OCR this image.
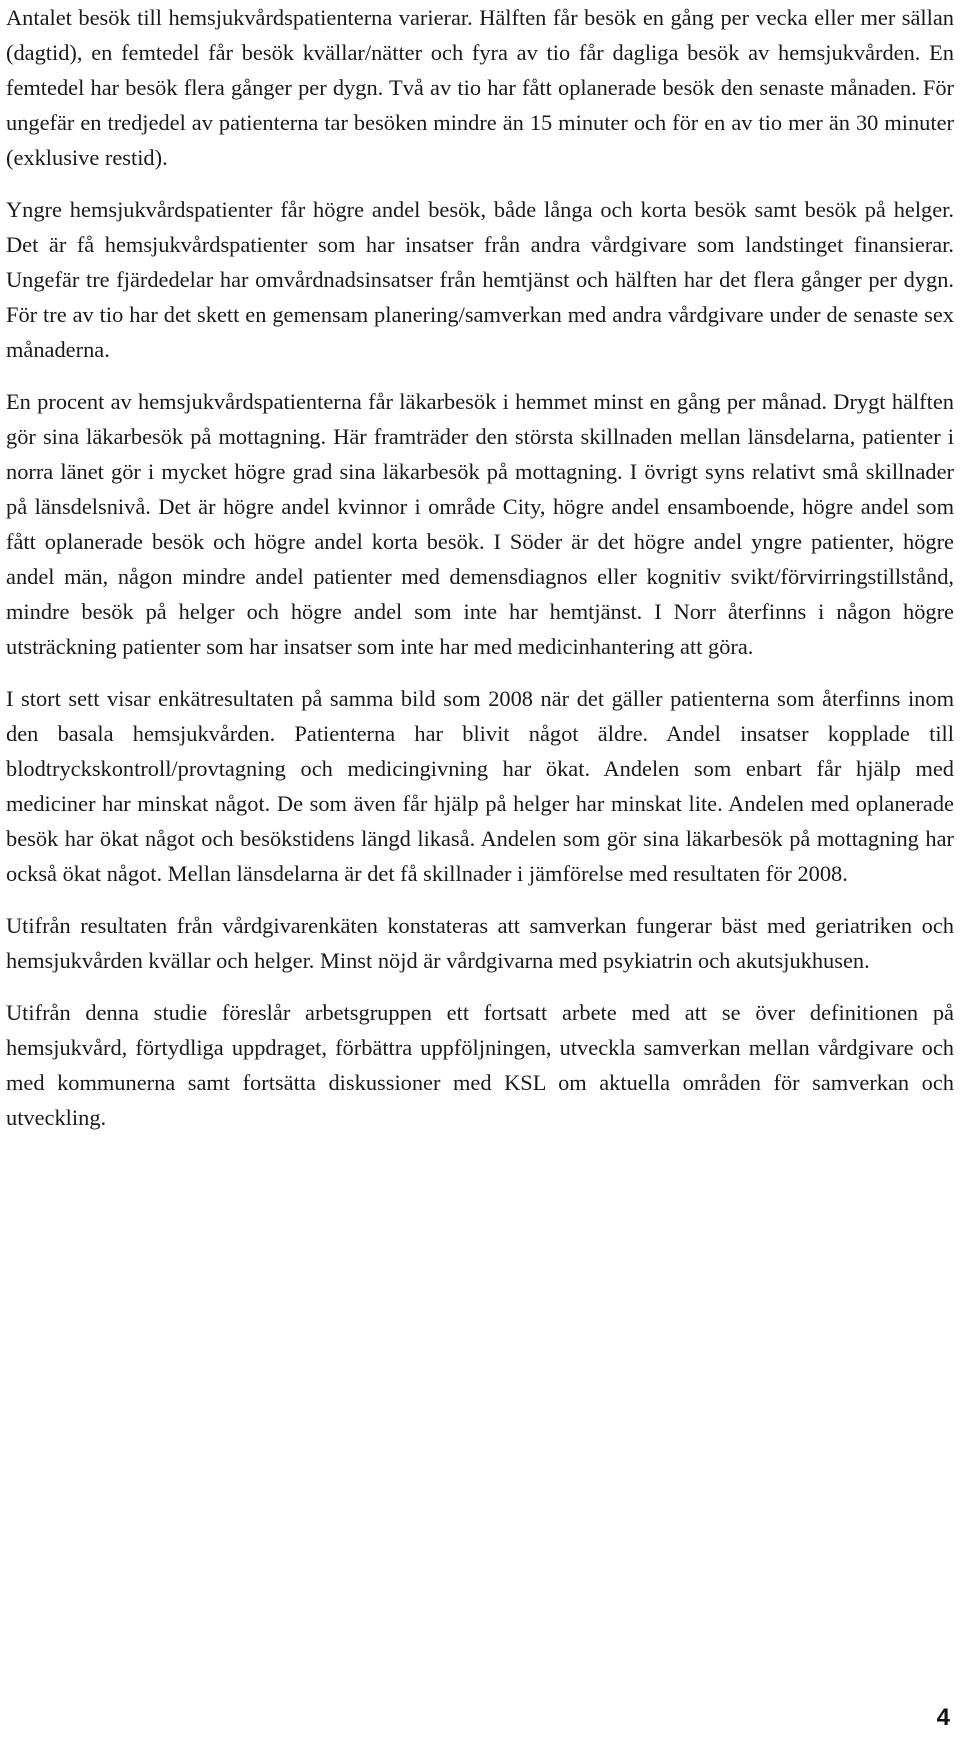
Antalet besök till hemsjukvårdspatienterna varierar. Hälften får besök en gång per vecka eller mer sällan (dagtid), en femtedel får besök kvällar/nätter och fyra av tio får dagliga besök av hemsjukvården. En femtedel har besök flera gånger per dygn. Två av tio har fått oplanerade besök den senaste månaden. För ungefär en tredjedel av patienterna tar besöken mindre än 15 minuter och för en av tio mer än 30 minuter (exklusive restid).

Yngre hemsjukvårdspatienter får högre andel besök, både långa och korta besök samt besök på helger. Det är få hemsjukvårdspatienter som har insatser från andra vårdgivare som landstinget finansierar. Ungefär tre fjärdedelar har omvårdnadsinsatser från hemtjänst och hälften har det flera gånger per dygn. För tre av tio har det skett en gemensam planering/samverkan med andra vårdgivare under de senaste sex månaderna.

En procent av hemsjukvårdspatienterna får läkarbesök i hemmet minst en gång per månad. Drygt hälften gör sina läkarbesök på mottagning. Här framträder den största skillnaden mellan länsdelarna, patienter i norra länet gör i mycket högre grad sina läkarbesök på mottagning. I övrigt syns relativt små skillnader på länsdelsnivå. Det är högre andel kvinnor i område City, högre andel ensamboende, högre andel som fått oplanerade besök och högre andel korta besök. I Söder är det högre andel yngre patienter, högre andel män, någon mindre andel patienter med demensdiagnos eller kognitiv svikt/förvirringstillstånd, mindre besök på helger och högre andel som inte har hemtjänst. I Norr återfinns i någon högre utsträckning patienter som har insatser som inte har med medicinhantering att göra.

I stort sett visar enkätresultaten på samma bild som 2008 när det gäller patienterna som återfinns inom den basala hemsjukvården. Patienterna har blivit något äldre. Andel insatser kopplade till blodtryckskontroll/provtagning och medicingivning har ökat. Andelen som enbart får hjälp med mediciner har minskat något. De som även får hjälp på helger har minskat lite. Andelen med oplanerade besök har ökat något och besökstidens längd likaså. Andelen som gör sina läkarbesök på mottagning har också ökat något. Mellan länsdelarna är det få skillnader i jämförelse med resultaten för 2008.

Utifrån resultaten från vårdgivarenkäten konstateras att samverkan fungerar bäst med geriatriken och hemsjukvården kvällar och helger. Minst nöjd är vårdgivarna med psykiatrin och akutsjukhusen.

Utifrån denna studie föreslår arbetsgruppen ett fortsatt arbete med att se över definitionen på hemsjukvård, förtydliga uppdraget, förbättra uppföljningen, utveckla samverkan mellan vårdgivare och med kommunerna samt fortsätta diskussioner med KSL om aktuella områden för samverkan och utveckling.

4
